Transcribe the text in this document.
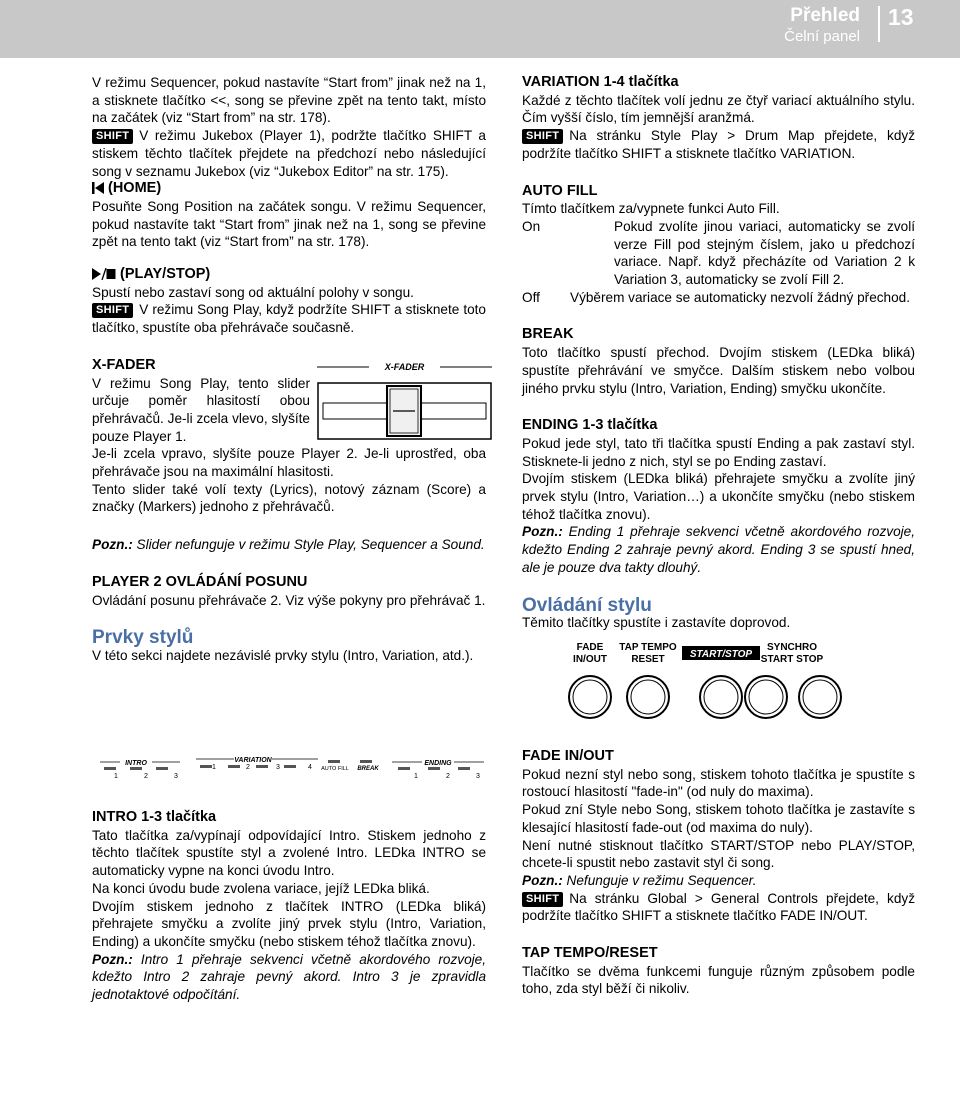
Přehled
Čelní panel
13

V režimu Sequencer, pokud nastavíte “Start from” jinak než na 1, a stisknete tlačítko <<, song se převine zpět na tento takt, místo na začátek (viz “Start from” na str. 178).

SHIFT V režimu Jukebox (Player 1), podržte tlačítko SHIFT a stiskem těchto tlačítek přejdete na předchozí nebo následující song v seznamu Jukebox (viz “Jukebox Editor” na str. 175).

(HOME)

Posuňte Song Position na začátek songu. V režimu Sequencer, pokud nastavíte takt “Start from” jinak než na 1, song se převine zpět na tento takt (viz “Start from” na str. 178).

(PLAY/STOP)

Spustí nebo zastaví song od aktuální polohy v songu.

SHIFT V režimu Song Play, když podržíte SHIFT a stisknete toto tlačítko, spustíte oba přehrávače současně.

X-FADER

X-FADER

V režimu Song Play, tento slider určuje poměr hlasitostí obou přehrávačů. Je-li zcela vlevo, slyšíte pouze Player 1.

Je-li zcela vpravo, slyšíte pouze Player 2. Je-li uprostřed, oba přehrávače jsou na maximální hlasitosti.

Tento slider také volí texty (Lyrics), notový záznam (Score) a značky (Markers) jednoho z přehrávačů.

Pozn.: Slider nefunguje v režimu Style Play, Sequencer a Sound.

PLAYER 2 OVLÁDÁNÍ POSUNU

Ovládání posunu přehrávače 2. Viz výše pokyny pro přehrávač 1.

Prvky stylů

V této sekci najdete nezávislé prvky stylu (Intro, Variation, atd.).

INTRO
1	2	3
VARIATION
1	2	3	4 AUTO FILL BREAK
ENDING
1	2	3

INTRO 1-3 tlačítka

Tato tlačítka za/vypínají odpovídající Intro. Stiskem jednoho z těchto tlačítek spustíte styl a zvolené Intro. LEDka INTRO se automaticky vypne na konci úvodu Intro.

Na konci úvodu bude zvolena variace, jejíž LEDka bliká.

Dvojím stiskem jednoho z tlačítek INTRO (LEDka bliká) přehrajete smyčku a zvolíte jiný prvek stylu (Intro, Variation, Ending) a ukončíte smyčku (nebo stiskem téhož tlačítka znovu).

Pozn.: Intro 1 přehraje sekvenci včetně akordového rozvoje, kdežto Intro 2 zahraje pevný akord. Intro 3 je zpravidla jednotaktové odpočítání.

VARIATION 1-4 tlačítka

Každé z těchto tlačítek volí jednu ze čtyř variací aktuálního stylu. Čím vyšší číslo, tím jemnější aranžmá.

SHIFT Na stránku Style Play > Drum Map přejdete, když podržíte tlačítko SHIFT a stisknete tlačítko VARIATION.

AUTO FILL

Tímto tlačítkem za/vypnete funkci Auto Fill.

On	Pokud zvolíte jinou variaci, automaticky se zvolí verze Fill pod stejným číslem, jako u předchozí variace. Např. když přecházíte od Variation 2 k Variation 3, automaticky se zvolí Fill 2.
Off	Výběrem variace se automaticky nezvolí žádný přechod.

BREAK

Toto tlačítko spustí přechod. Dvojím stiskem (LEDka bliká) spustíte přehrávání ve smyčce. Dalším stiskem nebo volbou jiného prvku stylu (Intro, Variation, Ending) smyčku ukončíte.

ENDING 1-3 tlačítka

Pokud jede styl, tato tři tlačítka spustí Ending a pak zastaví styl. Stisknete-li jedno z nich, styl se po Ending zastaví.

Dvojím stiskem (LEDka bliká) přehrajete smyčku a zvolíte jiný prvek stylu (Intro, Variation…) a ukončíte smyčku (nebo stiskem téhož tlačítka znovu).

Pozn.: Ending 1 přehraje sekvenci včetně akordového rozvoje, kdežto Ending 2 zahraje pevný akord. Ending 3 se spustí hned, ale je pouze dva takty dlouhý.

Ovládání stylu

Těmito tlačítky spustíte i zastavíte doprovod.

FADE
IN/OUT
TAP TEMPO
RESET	START/STOP
SYNCHRO
START STOP

FADE IN/OUT

Pokud nezní styl nebo song, stiskem tohoto tlačítka je spustíte s rostoucí hlasitostí "fade-in" (od nuly do maxima).

Pokud zní Style nebo Song, stiskem tohoto tlačítka je zastavíte s klesající hlasitostí fade-out (od maxima do nuly).

Není nutné stisknout tlačítko START/STOP nebo PLAY/STOP, chcete-li spustit nebo zastavit styl či song.

Pozn.: Nefunguje v režimu Sequencer.

SHIFT Na stránku Global > General Controls přejdete, když podržíte tlačítko SHIFT a stisknete tlačítko FADE IN/OUT.

TAP TEMPO/RESET

Tlačítko se dvěma funkcemi funguje různým způsobem podle toho, zda styl běží či nikoliv.
